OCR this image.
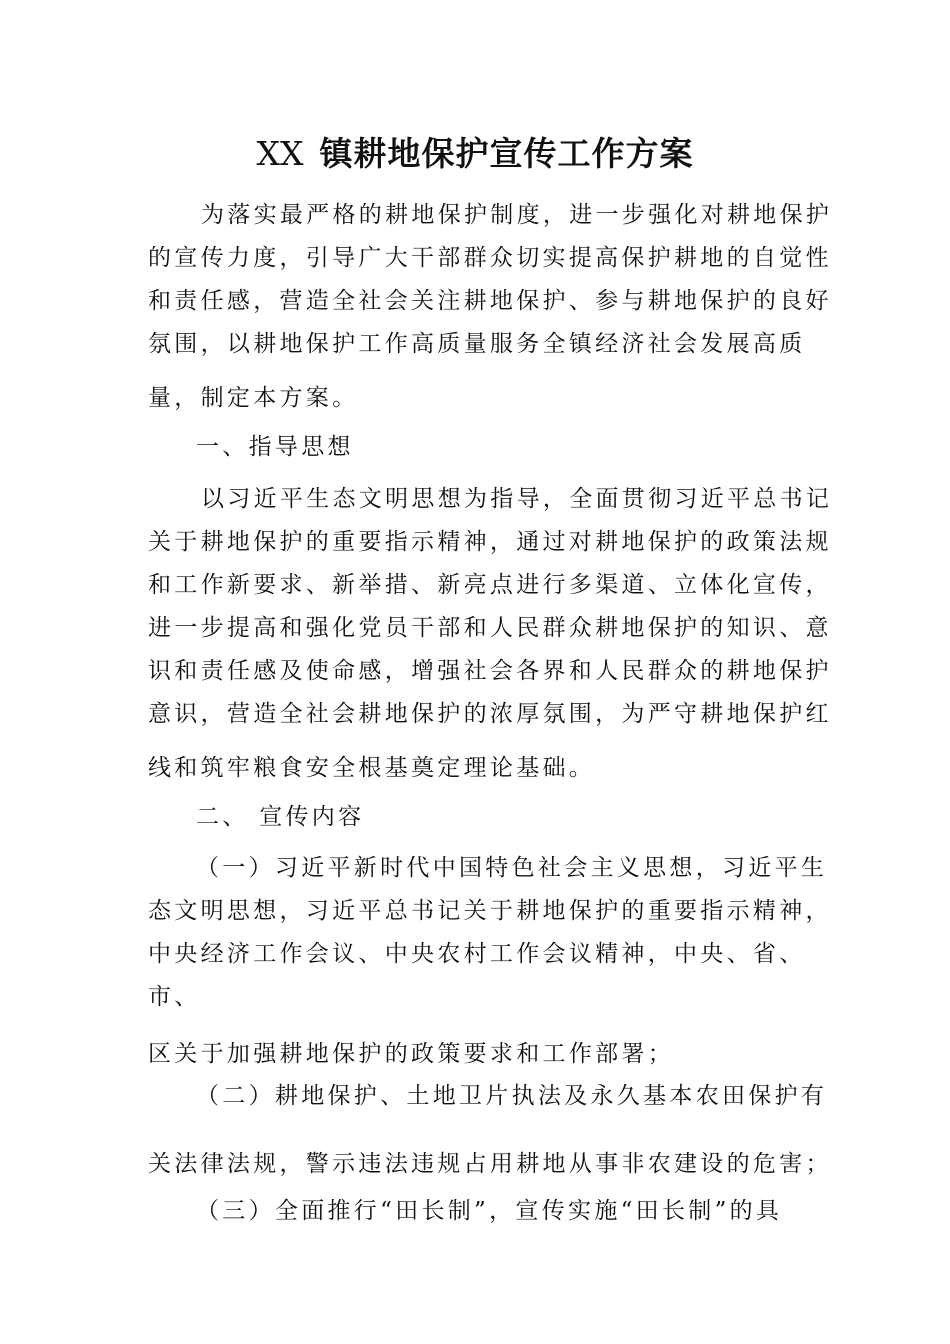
XX 镇耕地保护宣传工作方案
为落实最严格的耕地保护制度，进一步强化对耕地保护
的宣传力度，引导广大干部群众切实提高保护耕地的自觉性
和责任感，营造全社会关注耕地保护、参与耕地保护的良好
氛围，以耕地保护工作高质量服务全镇经济社会发展高质
量，制定本方案。
一、指导思想
以习近平生态文明思想为指导，全面贯彻习近平总书记
关于耕地保护的重要指示精神，通过对耕地保护的政策法规
和工作新要求、新举措、新亮点进行多渠道、立体化宣传，
进一步提高和强化党员干部和人民群众耕地保护的知识、意
识和责任感及使命感，增强社会各界和人民群众的耕地保护
意识，营造全社会耕地保护的浓厚氛围，为严守耕地保护红
线和筑牢粮食安全根基奠定理论基础。
二、 宣传内容
（一）习近平新时代中国特色社会主义思想，习近平生
态文明思想，习近平总书记关于耕地保护的重要指示精神，
中央经济工作会议、中央农村工作会议精神，中央、省、
市、
区关于加强耕地保护的政策要求和工作部署；
（二）耕地保护、土地卫片执法及永久基本农田保护有
关法律法规，警示违法违规占用耕地从事非农建设的危害；
（三）全面推行“田长制”，宣传实施“田长制”的具
